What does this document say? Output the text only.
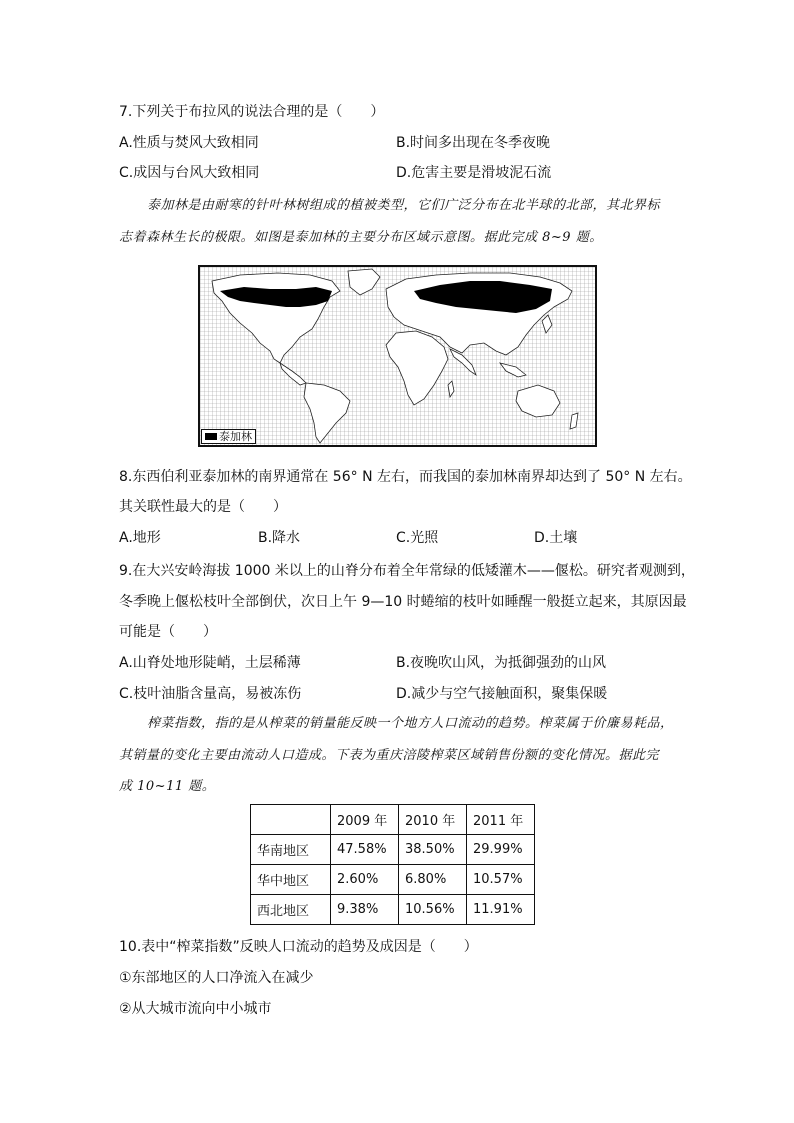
7.下列关于布拉风的说法合理的是（　　）
A.性质与焚风大致相同	B.时间多出现在冬季夜晚
C.成因与台风大致相同	D.危害主要是滑坡泥石流
泰加林是由耐寒的针叶林树组成的植被类型，它们广泛分布在北半球的北部，其北界标
志着森林生长的极限。如图是泰加林的主要分布区域示意图。据此完成 8~9 题。
泰加林
8.东西伯利亚泰加林的南界通常在 56° N 左右，而我国的泰加林南界却达到了 50° N 左右。
其关联性最大的是（　　）
A.地形	B.降水	C.光照	D.土壤
9.在大兴安岭海拔 1000 米以上的山脊分布着全年常绿的低矮灌木——偃松。研究者观测到，
冬季晚上偃松枝叶全部倒伏，次日上午 9—10 时蜷缩的枝叶如睡醒一般挺立起来，其原因最
可能是（　　）
A.山脊处地形陡峭，土层稀薄	B.夜晚吹山风，为抵御强劲的山风
C.枝叶油脂含量高，易被冻伤	D.减少与空气接触面积，聚集保暖
榨菜指数，指的是从榨菜的销量能反映一个地方人口流动的趋势。榨菜属于价廉易耗品，
其销量的变化主要由流动人口造成。下表为重庆涪陵榨菜区域销售份额的变化情况。据此完
成 10~11 题。
	2009 年	2010 年	2011 年
华南地区	47.58%	38.50%	29.99%
华中地区	2.60%	6.80%	10.57%
西北地区	9.38%	10.56%	11.91%
10.表中“榨菜指数”反映人口流动的趋势及成因是（　　）
①东部地区的人口净流入在减少
②从大城市流向中小城市
